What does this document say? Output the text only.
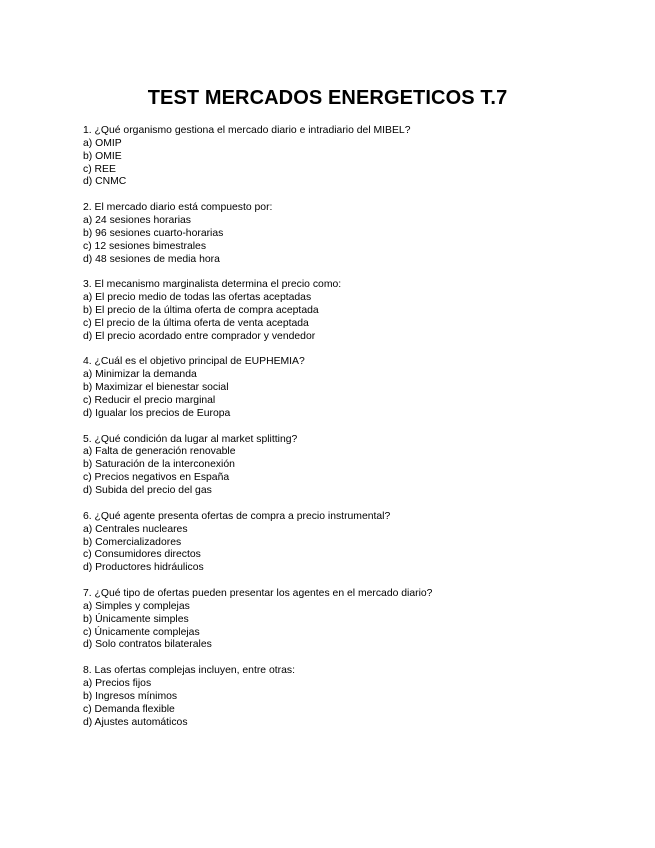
TEST MERCADOS ENERGETICOS T.7
1. ¿Qué organismo gestiona el mercado diario e intradiario del MIBEL?
a) OMIP
b) OMIE
c) REE
d) CNMC
2. El mercado diario está compuesto por:
a) 24 sesiones horarias
b) 96 sesiones cuarto-horarias
c) 12 sesiones bimestrales
d) 48 sesiones de media hora
3. El mecanismo marginalista determina el precio como:
a) El precio medio de todas las ofertas aceptadas
b) El precio de la última oferta de compra aceptada
c) El precio de la última oferta de venta aceptada
d) El precio acordado entre comprador y vendedor
4. ¿Cuál es el objetivo principal de EUPHEMIA?
a) Minimizar la demanda
b) Maximizar el bienestar social
c) Reducir el precio marginal
d) Igualar los precios de Europa
5. ¿Qué condición da lugar al market splitting?
a) Falta de generación renovable
b) Saturación de la interconexión
c) Precios negativos en España
d) Subida del precio del gas
6. ¿Qué agente presenta ofertas de compra a precio instrumental?
a) Centrales nucleares
b) Comercializadores
c) Consumidores directos
d) Productores hidráulicos
7. ¿Qué tipo de ofertas pueden presentar los agentes en el mercado diario?
a) Simples y complejas
b) Únicamente simples
c) Únicamente complejas
d) Solo contratos bilaterales
8. Las ofertas complejas incluyen, entre otras:
a) Precios fijos
b) Ingresos mínimos
c) Demanda flexible
d) Ajustes automáticos
